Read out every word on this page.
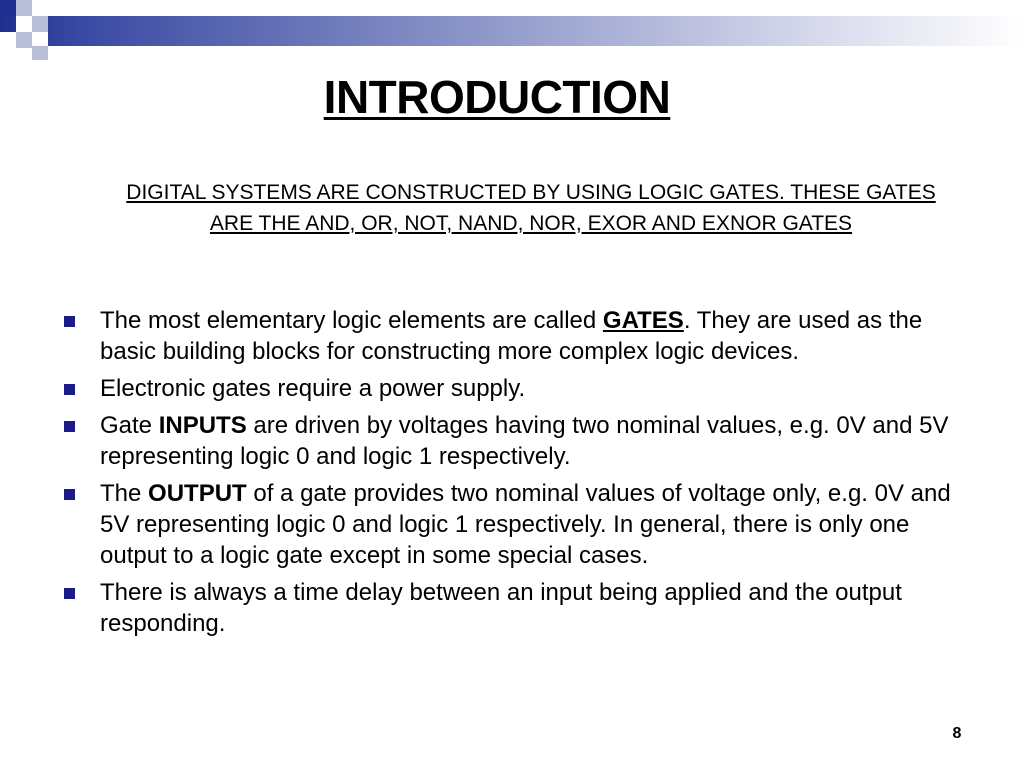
INTRODUCTION
DIGITAL SYSTEMS ARE CONSTRUCTED BY USING LOGIC GATES. THESE GATES ARE THE AND, OR, NOT, NAND, NOR, EXOR AND EXNOR GATES
The most elementary logic elements are called GATES. They are used as the basic building blocks for constructing more complex logic devices.
Electronic gates require a power supply.
Gate INPUTS are driven by voltages having two nominal values, e.g. 0V and 5V representing logic 0 and logic 1 respectively.
The OUTPUT of a gate provides two nominal values of voltage only, e.g. 0V and 5V representing logic 0 and logic 1 respectively. In general, there is only one output to a logic gate except in some special cases.
There is always a time delay between an input being applied and the output responding.
8
